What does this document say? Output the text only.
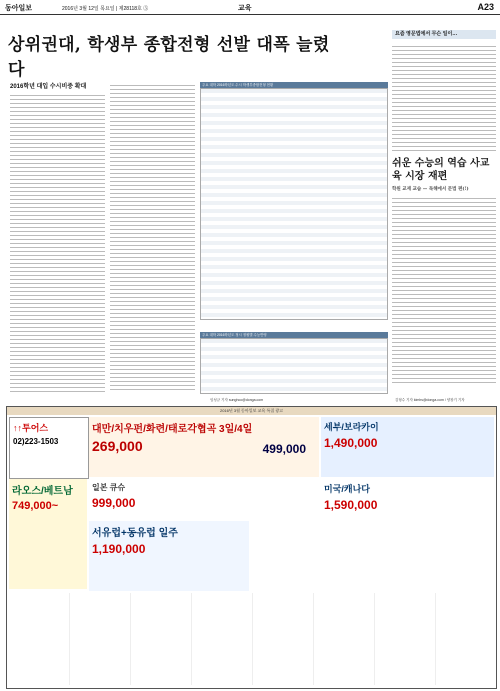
동아일보	2016년 3월 12일 목요일 | 제28118호 ⑤	교육	A23
상위권대, 학생부 종합전형 선발 대폭 늘렸다
2016학년 대입 수시비중 확대	주요 대학 2016학년도 수시 학생부종합전형 현황
주요 대학 2016학년도 정시 정원별 수능반영
요즘 영문법에서 무슨 일이…
쉬운 수능의 역습 사교육 시장 재편
학원 교재 교습 — 독해에서 문법 편(!)
임성규 기자 sunghoo@donga.com	김형수 기자 kimhs@donga.com / 양창기 기자
2016년 3월 동아일보 교육 특집 광고
↑↑투어스
02)223-1503
대만/치우펀/화련/태로각협곡 3일/4일
269,000	499,000
세부/보라카이
1,490,000
일본 큐슈
999,000
라오스/베트남
749,000~
서유럽+동유럽 일주
1,190,000
미국/캐나다
1,590,000
